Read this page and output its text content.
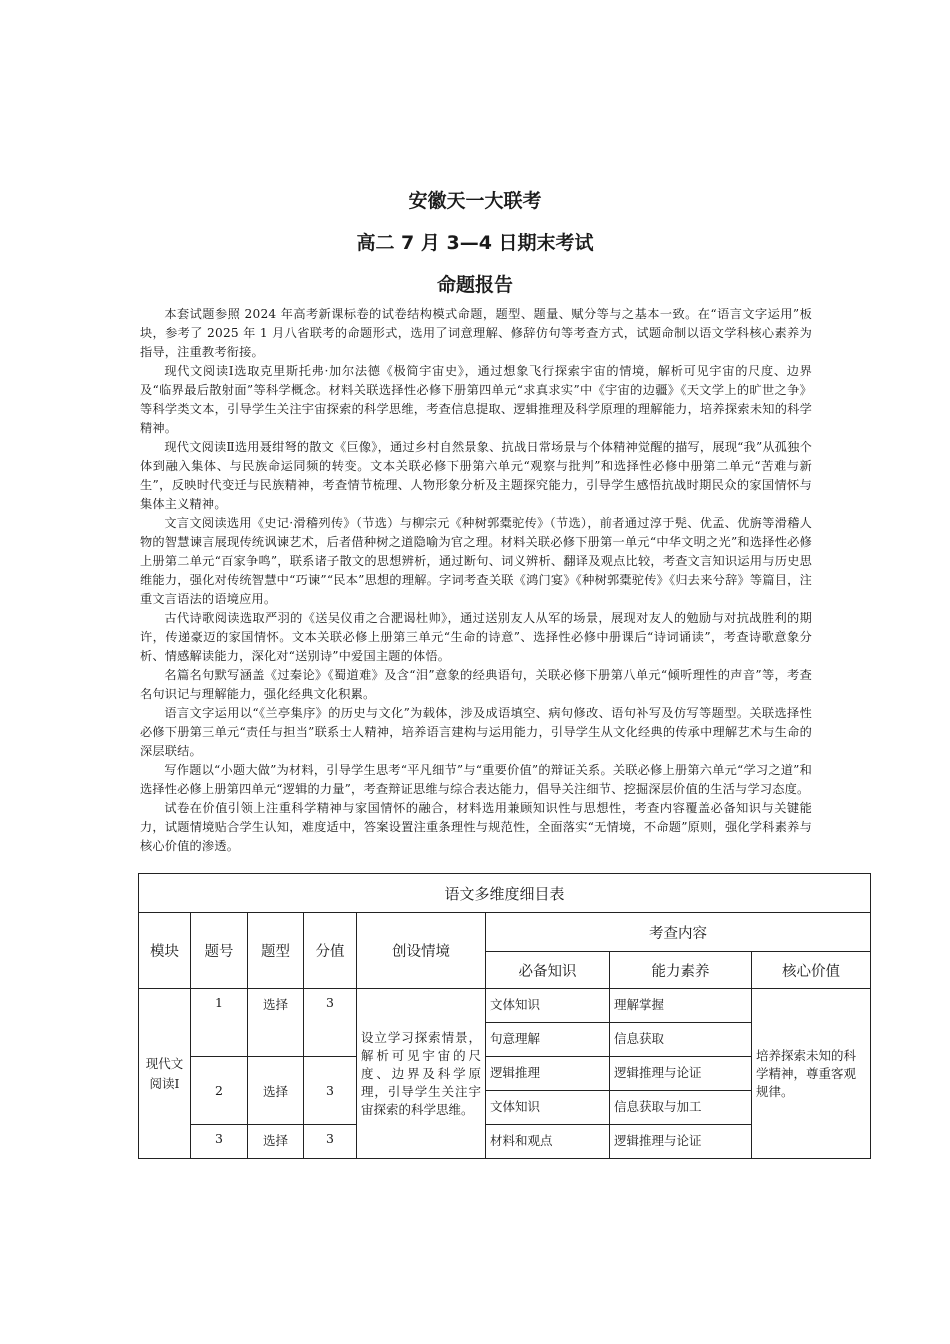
安徽天一大联考
高二 7 月 3—4 日期末考试
命题报告

本套试题参照 2024 年高考新课标卷的试卷结构模式命题，题型、题量、赋分等与之基本一致。在“语言文字运用”板块，参考了 2025 年 1 月八省联考的命题形式，选用了词意理解、修辞仿句等考查方式，试题命制以语文学科核心素养为指导，注重教考衔接。

现代文阅读Ⅰ选取克里斯托弗·加尔法德《极简宇宙史》，通过想象飞行探索宇宙的情境，解析可见宇宙的尺度、边界及“临界最后散射面”等科学概念。材料关联选择性必修下册第四单元“求真求实”中《宇宙的边疆》《天文学上的旷世之争》等科学类文本，引导学生关注宇宙探索的科学思维，考查信息提取、逻辑推理及科学原理的理解能力，培养探索未知的科学精神。

现代文阅读Ⅱ选用聂绀弩的散文《巨像》，通过乡村自然景象、抗战日常场景与个体精神觉醒的描写，展现“我”从孤独个体到融入集体、与民族命运同频的转变。文本关联必修下册第六单元“观察与批判”和选择性必修中册第二单元“苦难与新生”，反映时代变迁与民族精神，考查情节梳理、人物形象分析及主题探究能力，引导学生感悟抗战时期民众的家国情怀与集体主义精神。

文言文阅读选用《史记·滑稽列传》（节选）与柳宗元《种树郭橐驼传》（节选），前者通过淳于髡、优孟、优旃等滑稽人物的智慧谏言展现传统讽谏艺术，后者借种树之道隐喻为官之理。材料关联必修下册第一单元“中华文明之光”和选择性必修上册第二单元“百家争鸣”，联系诸子散文的思想辨析，通过断句、词义辨析、翻译及观点比较，考查文言知识运用与历史思维能力，强化对传统智慧中“巧谏”“民本”思想的理解。字词考查关联《鸿门宴》《种树郭橐驼传》《归去来兮辞》等篇目，注重文言语法的语境应用。

古代诗歌阅读选取严羽的《送吴仪甫之合淝谒杜帅》，通过送别友人从军的场景，展现对友人的勉励与对抗战胜利的期许，传递豪迈的家国情怀。文本关联必修上册第三单元“生命的诗意”、选择性必修中册课后“诗词诵读”，考查诗歌意象分析、情感解读能力，深化对“送别诗”中爱国主题的体悟。

名篇名句默写涵盖《过秦论》《蜀道难》及含“泪”意象的经典语句，关联必修下册第八单元“倾听理性的声音”等，考查名句识记与理解能力，强化经典文化积累。

语言文字运用以“《兰亭集序》的历史与文化”为载体，涉及成语填空、病句修改、语句补写及仿写等题型。关联选择性必修下册第三单元“责任与担当”联系士人精神，培养语言建构与运用能力，引导学生从文化经典的传承中理解艺术与生命的深层联结。

写作题以“小题大做”为材料，引导学生思考“平凡细节”与“重要价值”的辩证关系。关联必修上册第六单元“学习之道”和选择性必修上册第四单元“逻辑的力量”，考查辩证思维与综合表达能力，倡导关注细节、挖掘深层价值的生活与学习态度。

试卷在价值引领上注重科学精神与家国情怀的融合，材料选用兼顾知识性与思想性，考查内容覆盖必备知识与关键能力，试题情境贴合学生认知，难度适中，答案设置注重条理性与规范性，全面落实“无情境，不命题”原则，强化学科素养与核心价值的渗透。

语文多维度细目表							
模块	题号	题型	分值	创设情境	考查内容		
					必备知识	能力素养	核心价值
现代文阅读Ⅰ	1	选择	3	设立学习探索情景，解析可见宇宙的尺度、边界及科学原理，引导学生关注宇宙探索的科学思维。	文体知识	理解掌握	培养探索未知的科学精神，尊重客观规律。
					句意理解	信息获取	
	2	选择	3		逻辑推理	逻辑推理与论证	
					文体知识	信息获取与加工	
	3	选择	3		材料和观点	逻辑推理与论证	
